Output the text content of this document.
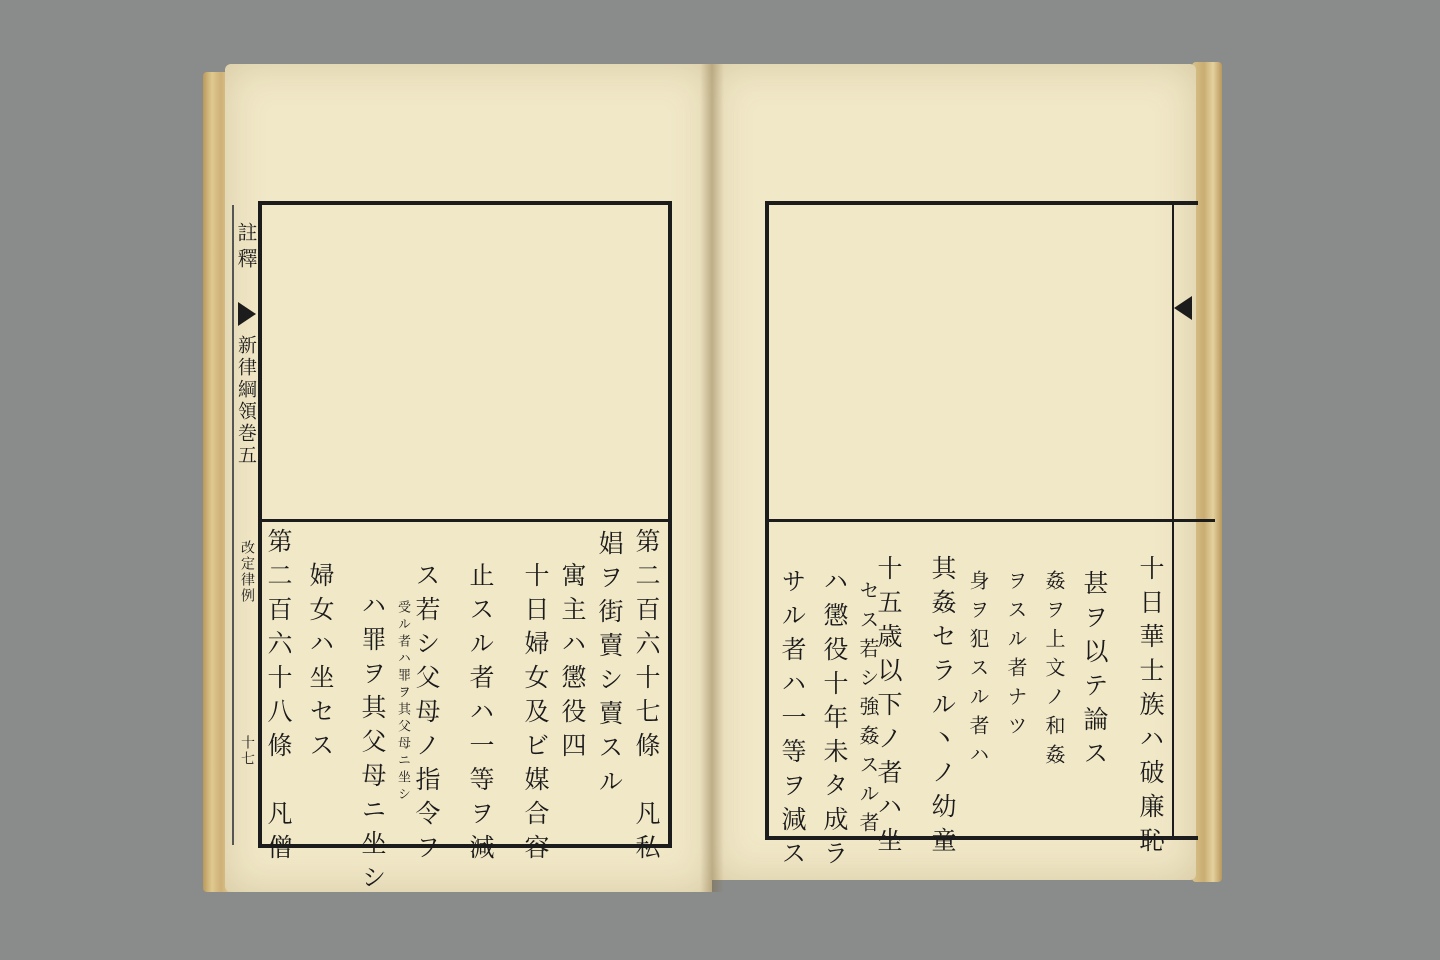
註釋
新律綱領巻五
改定律例
十七	第二百六十七條　凡私
娼ヲ街賣シ賣スル
寓主ハ懲役四
十日婦女及ビ媒合容
止スル者ハ一等ヲ減
ス若シ父母ノ指令ヲ
ハ罪ヲ其父母ニ坐シ
婦女ハ坐セス
第二百六十八條　凡僧	十日華士族ハ破廉恥
甚ヲ以テ論ス
姦ヲ上文ノ和姦
ヲスル者ナツ
身ヲ犯スル者ハ
其姦セラル丶ノ幼童
十五歳以下ノ者ハ坐
セス若シ強姦スル者
ハ懲役十年未タ成ラ
サル者ハ一等ヲ減ス
受ル者ハ罪ヲ其父母ニ坐シ
